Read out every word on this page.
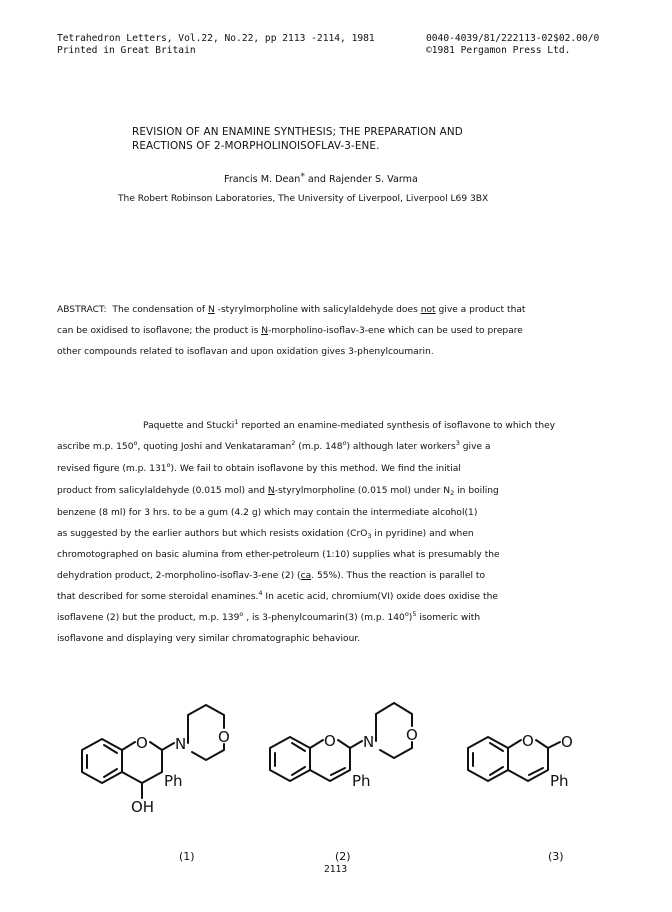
Tetrahedron Letters, Vol.22, No.22, pp 2113 -2114, 1981
Printed in Great Britain
0040-4039/81/222113-02$02.00/0
©1981 Pergamon Press Ltd.
REVISION OF AN ENAMINE SYNTHESIS; THE PREPARATION AND
REACTIONS OF 2-MORPHOLINOISOFLAV-3-ENE.
Francis M. Dean* and Rajender S. Varma
The Robert Robinson Laboratories, The University of Liverpool, Liverpool L69 3BX
ABSTRACT: The condensation of N -styrylmorpholine with salicylaldehyde does not give a product that
can be oxidised to isoflavone; the product is N-morpholino-isoflav-3-ene which can be used to prepare
other compounds related to isoflavan and upon oxidation gives 3-phenylcoumarin.
Paquette and Stucki$^1$ reported an enamine-mediated synthesis of isoflavone to which they
ascribe m.p. 150$^o$, quoting Joshi and Venkataraman$^2$ (m.p. 148$^o$) although later workers$^3$ give a
revised figure (m.p. 131$^o$). We fail to obtain isoflavone by this method. We find the initial
product from salicylaldehyde (0.015 mol) and N-styrylmorpholine (0.015 mol) under $N_2$ in boiling
benzene (8 ml) for 3 hrs. to be a gum (4.2 g) which may contain the intermediate alcohol(1)
as suggested by the earlier authors but which resists oxidation (CrO$_3$ in pyridine) and when
chromotographed on basic alumina from ether-petroleum (1:10) supplies what is presumably the
dehydration product, 2-morpholino-isoflav-3-ene (2) (ca. 55%). Thus the reaction is parallel to
that described for some steroidal enamines.$^4$ In acetic acid, chromium(VI) oxide does oxidise the
isoflavene (2) but the product, m.p. 139$^o$ , is 3-phenylcoumarin(3) (m.p. 140$^o$)$^5$ isomeric with
isoflavone and displaying very similar chromatographic behaviour.
O N O
Ph
OH
O N O
Ph
O O
Ph
(1)	(2)	(3)
2113
